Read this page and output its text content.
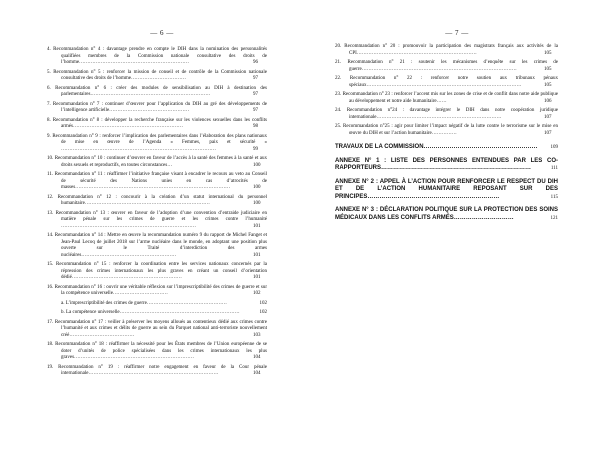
— 6 —
4. Recommandation n° 4 : davantage prendre en compte le DIH dans la nomination des personnalités qualifiées membres de la Commission nationale consultative des droits de l’homme…………………………………………………………	96
5. Recommandation n° 5 : renforcer la mission de conseil et de contrôle de la Commission nationale consultative des droits de l’homme……………………………	97
6. Recommandation n° 6 : créer des modules de sensibilisation au DIH à destination des parlementaires………………………………………………………………	97
7. Recommandation n° 7 : continuer d’œuvrer pour l’application du DIH au gré des développements de l’intelligence artificielle…………………………………………	97
8. Recommandation n° 8 : développer la recherche française sur les violences sexuelles dans les conflits armés…………………………………………………………	98
9. Recommandation n° 9 : renforcer l’implication des parlementaires dans l’élaboration des plans nationaux de mise en œuvre de l’Agenda « Femmes, paix et sécurité » …………………………………………………………………………………	99
10. Recommandation n° 10 : continuer d’œuvrer en faveur de l’accès à la santé des femmes à la santé et aux droits sexuels et reproductifs, en toutes circonstances…	100
11. Recommandation n° 11 : réaffirmer l’initiative française visant à encadrer le recours au veto au Conseil de sécurité des Nations unies en cas d’atrocités de masses…………………………………………………………………………………	100
12. Recommandation n° 12 : concourir à la création d’un statut international du personnel humanitaire…………………………………………………………………	100
13. Recommandation n° 13 : œuvrer en faveur de l’adoption d’une convention d’entraide judiciaire en matière pénale sur les crimes de guerre et les crimes contre l’humanité ………………………………………………………………………	101
14. Recommandation n° 14 : Mettre en œuvre la recommandation numéro 9 du rapport de Michel Fanget et Jean-Paul Lecoq de juillet 2018 sur l’arme nucléaire dans le monde, en adoptant une position plus ouverte sur le Traité d’interdiction des armes nucléaires…………………………………………………	101
15. Recommandation n° 15 : renforcer la coordination entre les services nationaux concernés par la répression des crimes internationaux les plus graves en créant un conseil d’orientation dédié…………………………………………………………	101
16. Recommandation n° 16 : ouvrir une véritable réflexion sur l’imprescriptibilité des crimes de guerre et sur la compétence universelle……………………………	102
a. L’imprescriptibilité des crimes de guerre…………………………………………	102
b. La compétence universelle………………………………………………………………	102
17. Recommandation n° 17 : veiller à préserver les moyens alloués au contentieux dédié aux crimes contre l’humanité et aux crimes et délits de guerre au sein du Parquet national anti-terroriste nouvellement créé…………………………………	103
18. Recommandation n° 18 : réaffirmer la nécessité pour les États membres de l’Union européenne de se doter d’unités de police spécialisées dans les crimes internationaux les plus graves………………………………………………………………	104
19. Recommandation n° 19 : réaffirmer notre engagement en faveur de la Cour pénale internationale……………………………………………………………………	104
— 7 —
20. Recommandation n° 20 : promouvoir la participation des magistrats français aux activités de la CPI………………………………………………………………	105
21. Recommandation n° 21 : soutenir les mécanismes d’enquête sur les crimes de guerre…………………………………………………………………………………	105
22. Recommandation n° 22 : renforcer notre soutien aux tribunaux pénaux spéciaux…………………………………………………………………………………	105
23. Recommandation n° 23 : renforcer l’accent mis sur les zones de crise et de conflit dans notre aide publique au développement et notre aide humanitaire……	106
24. Recommandation n°24 : davantage intégrer le DIH dans notre coopération juridique internationale…………………………………………………………………	107
25. Recommandation n°25 : agir pour limiter l’impact négatif de la lutte contre le terrorisme sur le mise en œuvre du DIH et sur l’action humanitaire……………	107
TRAVAUX DE LA COMMISSION…………………………………………………	109
ANNEXE N° 1 : LISTE DES PERSONNES ENTENDUES PAR LES CO-RAPPORTEURS…………………………………………………………………	111
ANNEXE N° 2 : APPEL À L’ACTION POUR RENFORCER LE RESPECT DU DIH ET DE L’ACTION HUMANITAIRE REPOSANT SUR DES PRINCIPES…………………………………………………………	115
ANNEXE N° 3 : DÉCLARATION POLITIQUE SUR LA PROTECTION DES SOINS MÉDICAUX DANS LES CONFLITS ARMÉS…………………………	121
